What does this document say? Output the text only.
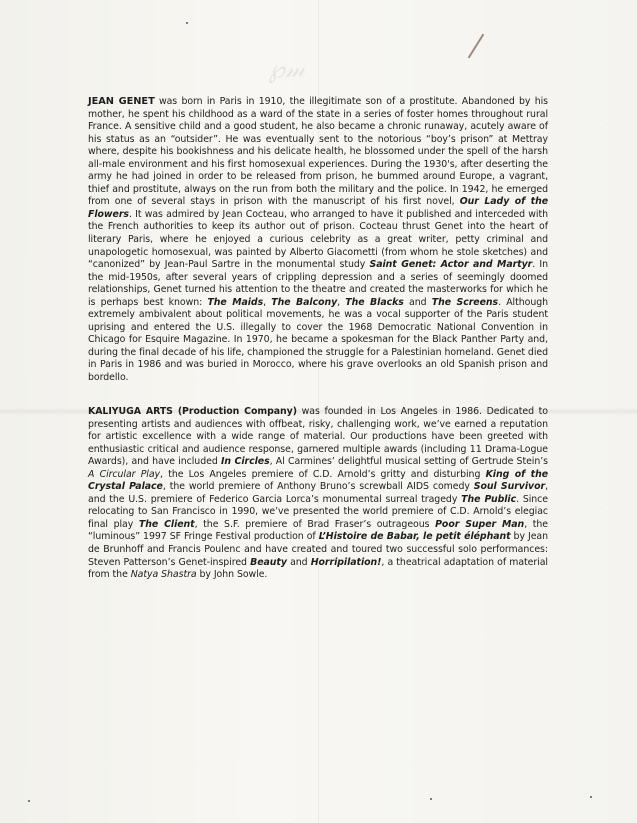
℘⁠𝓂

JEAN GENET was born in Paris in 1910, the illegitimate son of a prostitute. Abandoned by his mother, he spent his childhood as a ward of the state in a series of foster homes throughout rural France. A sensitive child and a good student, he also became a chronic runaway, acutely aware of his status as an “outsider”. He was eventually sent to the notorious “boy’s prison” at Mettray where, despite his bookishness and his delicate health, he blossomed under the spell of the harsh all-male environment and his first homosexual experiences. During the 1930's, after deserting the army he had joined in order to be released from prison, he bummed around Europe, a vagrant, thief and prostitute, always on the run from both the military and the police. In 1942, he emerged from one of several stays in prison with the manuscript of his first novel, Our Lady of the Flowers. It was admired by Jean Cocteau, who arranged to have it published and interceded with the French authorities to keep its author out of prison. Cocteau thrust Genet into the heart of literary Paris, where he enjoyed a curious celebrity as a great writer, petty criminal and unapologetic homosexual, was painted by Alberto Giacometti (from whom he stole sketches) and “canonized” by Jean-Paul Sartre in the monumental study Saint Genet: Actor and Martyr. In the mid-1950s, after several years of crippling depression and a series of seemingly doomed relationships, Genet turned his attention to the theatre and created the masterworks for which he is perhaps best known: The Maids, The Balcony, The Blacks and The Screens. Although extremely ambivalent about political movements, he was a vocal supporter of the Paris student uprising and entered the U.S. illegally to cover the 1968 Democratic National Convention in Chicago for Esquire Magazine. In 1970, he became a spokesman for the Black Panther Party and, during the final decade of his life, championed the struggle for a Palestinian homeland. Genet died in Paris in 1986 and was buried in Morocco, where his grave overlooks an old Spanish prison and bordello.

KALIYUGA ARTS (Production Company) was founded in Los Angeles in 1986. Dedicated to presenting artists and audiences with offbeat, risky, challenging work, we’ve earned a reputation for artistic excellence with a wide range of material. Our productions have been greeted with enthusiastic critical and audience response, garnered multiple awards (including 11 Drama-Logue Awards), and have included In Circles, Al Carmines’ delightful musical setting of Gertrude Stein’s A Circular Play, the Los Angeles premiere of C.D. Arnold’s gritty and disturbing King of the Crystal Palace, the world premiere of Anthony Bruno’s screwball AIDS comedy Soul Survivor, and the U.S. premiere of Federico Garcia Lorca’s monumental surreal tragedy The Public. Since relocating to San Francisco in 1990, we’ve presented the world premiere of C.D. Arnold’s elegiac final play The Client, the S.F. premiere of Brad Fraser’s outrageous Poor Super Man, the “luminous” 1997 SF Fringe Festival production of L’Histoire de Babar, le petit éléphant by Jean de Brunhoff and Francis Poulenc and have created and toured two successful solo performances: Steven Patterson’s Genet-inspired Beauty and Horripilation!, a theatrical adaptation of material from the Natya Shastra by John Sowle.
